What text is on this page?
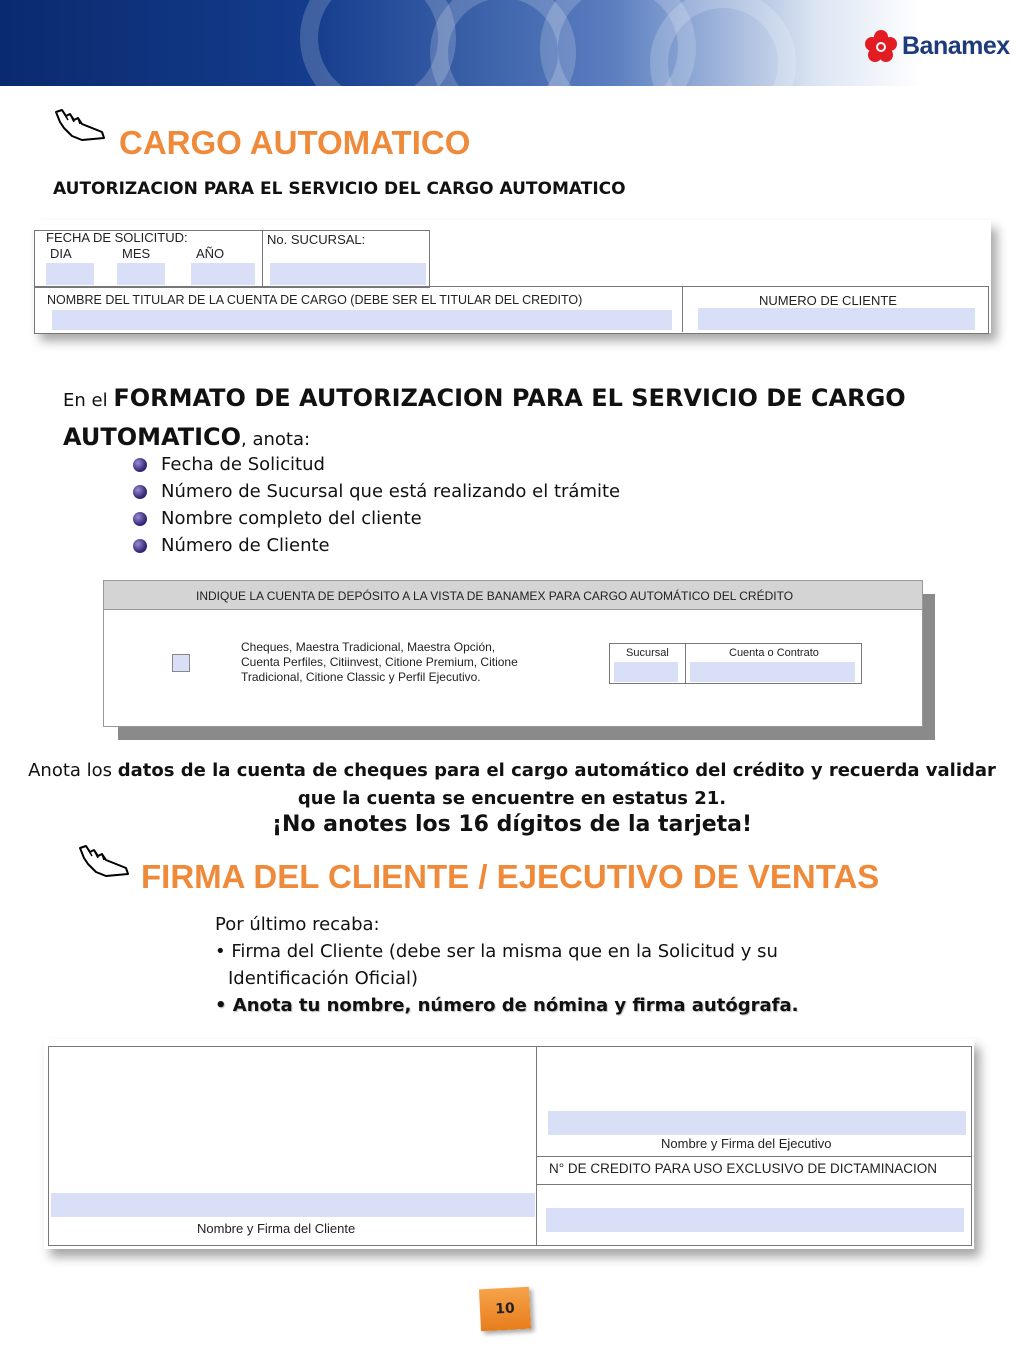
Banamex
CARGO AUTOMATICO
AUTORIZACION PARA EL SERVICIO DEL CARGO AUTOMATICO
FECHA DE SOLICITUD:
DIA	MES	AÑO
No. SUCURSAL:
NOMBRE DEL TITULAR DE LA CUENTA DE CARGO (DEBE SER EL TITULAR DEL CREDITO)	NUMERO DE CLIENTE
En el FORMATO DE AUTORIZACION PARA EL SERVICIO DE CARGO AUTOMATICO, anota:
Fecha de Solicitud
Número de Sucursal que está realizando el trámite
Nombre completo del cliente
Número de Cliente
INDIQUE LA CUENTA DE DEPÓSITO A LA VISTA DE BANAMEX PARA CARGO AUTOMÁTICO DEL CRÉDITO
Cheques, Maestra Tradicional, Maestra Opción,
Cuenta Perfiles, Citiinvest, Citione Premium, Citione
Tradicional, Citione Classic y Perfil Ejecutivo.
Sucursal	Cuenta o Contrato
Anota los datos de la cuenta de cheques para el cargo automático del crédito y recuerda validar
que la cuenta se encuentre en estatus 21.
¡No anotes los 16 dígitos de la tarjeta!
FIRMA DEL CLIENTE / EJECUTIVO DE VENTAS
Por último recaba:
• Firma del Cliente (debe ser la misma que en la Solicitud y su
Identificación Oficial)
• Anota tu nombre, número de nómina y firma autógrafa.
Nombre y Firma del Ejecutivo
N° DE CREDITO PARA USO EXCLUSIVO DE DICTAMINACION
Nombre y Firma del Cliente
10
